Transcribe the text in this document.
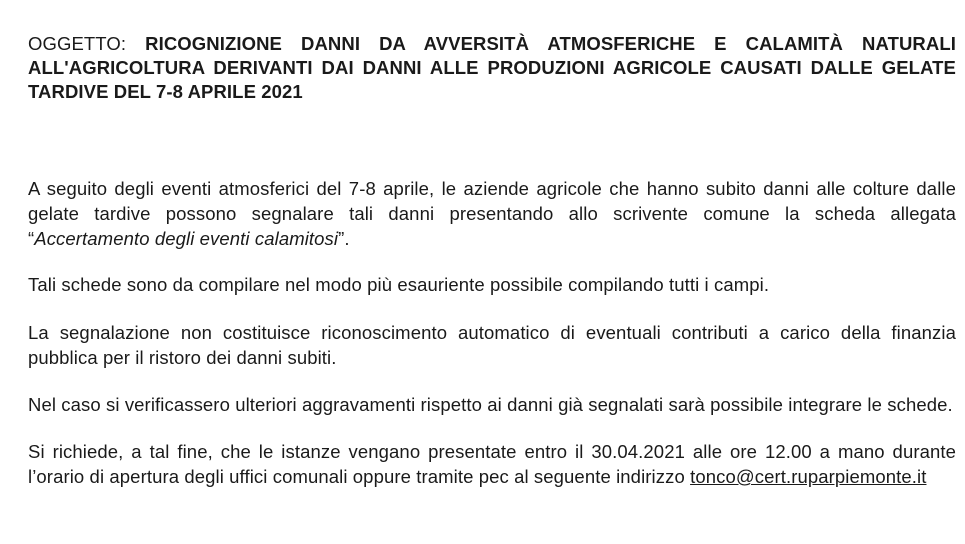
OGGETTO: RICOGNIZIONE DANNI DA AVVERSITÀ ATMOSFERICHE E CALAMITÀ NATURALI ALL'AGRICOLTURA DERIVANTI DAI DANNI ALLE PRODUZIONI AGRICOLE CAUSATI DALLE GELATE TARDIVE DEL 7-8 APRILE 2021

A seguito degli eventi atmosferici del 7-8 aprile, le aziende agricole che hanno subito danni alle colture dalle gelate tardive possono segnalare tali danni presentando allo scrivente comune la scheda allegata “Accertamento degli eventi calamitosi”.

Tali schede sono da compilare nel modo più esauriente possibile compilando tutti i campi.

La segnalazione non costituisce riconoscimento automatico di eventuali contributi a carico della finanzia pubblica per il ristoro dei danni subiti.

Nel caso si verificassero ulteriori aggravamenti rispetto ai danni già segnalati sarà possibile integrare le schede.

Si richiede, a tal fine, che le istanze vengano presentate entro il 30.04.2021 alle ore 12.00 a mano durante l’orario di apertura degli uffici comunali oppure tramite pec al seguente indirizzo tonco@cert.ruparpiemonte.it
